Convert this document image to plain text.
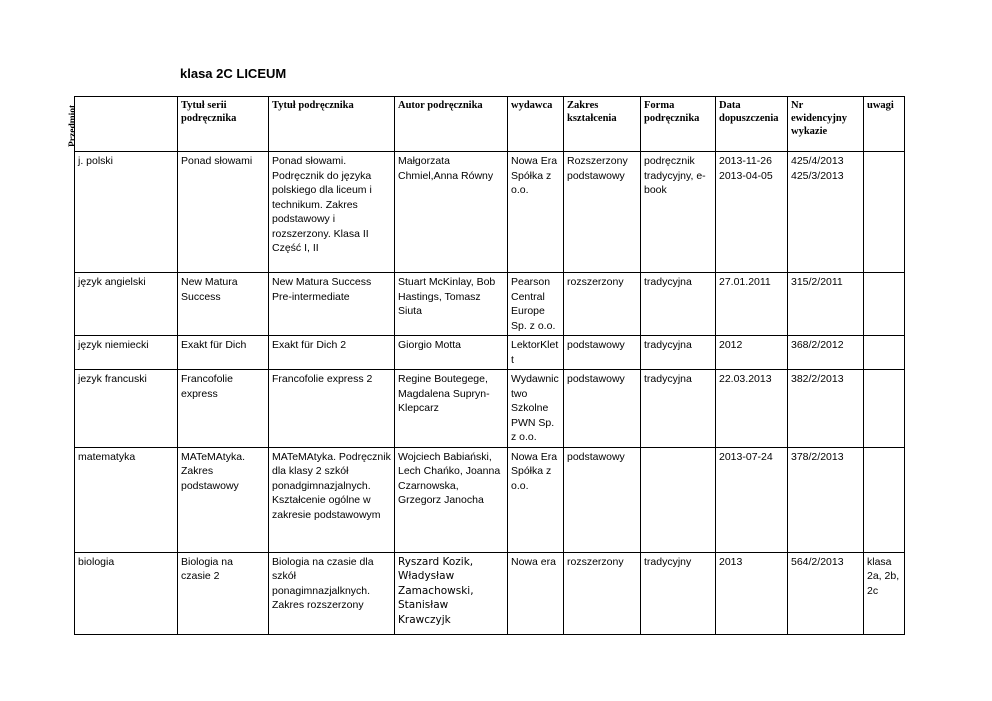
klasa 2C LICEUM
Przedmiot	Tytuł serii podręcznika	Tytuł podręcznika	Autor podręcznika	wydawca	Zakres kształcenia	Forma podręcznika	Data dopuszczenia	Nr ewidencyjny wykazie	uwagi
j. polski	Ponad słowami	Ponad słowami. Podręcznik do języka polskiego dla liceum i technikum. Zakres podstawowy i rozszerzony. Klasa II Część I, II	Małgorzata Chmiel,Anna Równy	Nowa Era Spółka z o.o.	Rozszerzony podstawowy	podręcznik tradycyjny, e-book	2013-11-26 2013-04-05	425/4/2013 425/3/2013	
język angielski	New Matura Success	New Matura Success Pre-intermediate	Stuart McKinlay, Bob Hastings, Tomasz Siuta	Pearson Central Europe Sp. z o.o.	rozszerzony	tradycyjna	27.01.2011	315/2/2011	
język niemiecki	Exakt für Dich	Exakt für Dich 2	Giorgio Motta	LektorKlett	podstawowy	tradycyjna	2012	368/2/2012	
jezyk francuski	Francofolie express	Francofolie express 2	Regine Boutegege, Magdalena Supryn-Klepcarz	Wydawnictwo Szkolne PWN Sp. z o.o.	podstawowy	tradycyjna	22.03.2013	382/2/2013	
matematyka	MATeMAtyka. Zakres podstawowy	MATeMAtyka. Podręcznik dla klasy 2 szkół ponadgimnazjalnych. Kształcenie ogólne w zakresie podstawowym	Wojciech Babiański, Lech Chańko, Joanna Czarnowska, Grzegorz Janocha	Nowa Era Spółka z o.o.	podstawowy		2013-07-24	378/2/2013	
biologia	Biologia na czasie 2	Biologia na czasie dla szkół ponagimnazjalknych. Zakres rozszerzony	Ryszard Kozik, Władysław Zamachowski, Stanisław Krawczyjk	Nowa era	rozszerzony	tradycyjny	2013	564/2/2013	klasa 2a, 2b, 2c
